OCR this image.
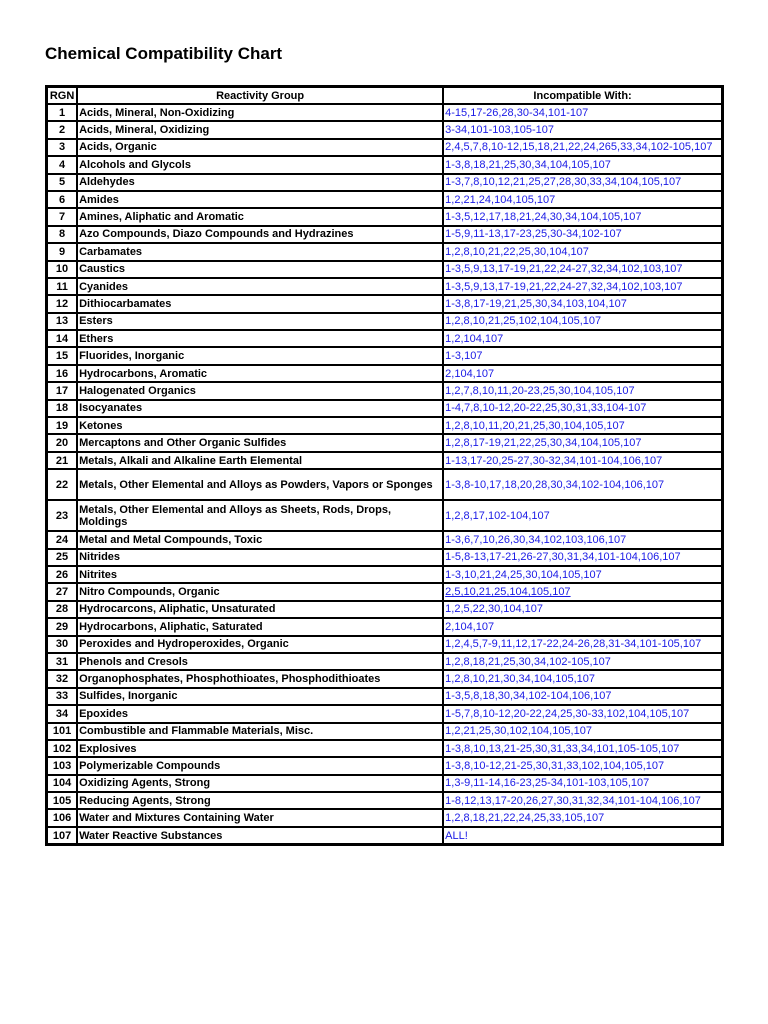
Chemical Compatibility Chart
RGN	Reactivity Group	Incompatible With:
1	Acids, Mineral, Non-Oxidizing	4-15,17-26,28,30-34,101-107
2	Acids, Mineral, Oxidizing	3-34,101-103,105-107
3	Acids, Organic	2,4,5,7,8,10-12,15,18,21,22,24,265,33,34,102-105,107
4	Alcohols and Glycols	1-3,8,18,21,25,30,34,104,105,107
5	Aldehydes	1-3,7,8,10,12,21,25,27,28,30,33,34,104,105,107
6	Amides	1,2,21,24,104,105,107
7	Amines, Aliphatic and Aromatic	1-3,5,12,17,18,21,24,30,34,104,105,107
8	Azo Compounds, Diazo Compounds and Hydrazines	1-5,9,11-13,17-23,25,30-34,102-107
9	Carbamates	1,2,8,10,21,22,25,30,104,107
10	Caustics	1-3,5,9,13,17-19,21,22,24-27,32,34,102,103,107
11	Cyanides	1-3,5,9,13,17-19,21,22,24-27,32,34,102,103,107
12	Dithiocarbamates	1-3,8,17-19,21,25,30,34,103,104,107
13	Esters	1,2,8,10,21,25,102,104,105,107
14	Ethers	1,2,104,107
15	Fluorides, Inorganic	1-3,107
16	Hydrocarbons, Aromatic	2,104,107
17	Halogenated Organics	1,2,7,8,10,11,20-23,25,30,104,105,107
18	Isocyanates	1-4,7,8,10-12,20-22,25,30,31,33,104-107
19	Ketones	1,2,8,10,11,20,21,25,30,104,105,107
20	Mercaptons and Other Organic Sulfides	1,2,8,17-19,21,22,25,30,34,104,105,107
21	Metals, Alkali and Alkaline Earth Elemental	1-13,17-20,25-27,30-32,34,101-104,106,107
22	Metals, Other Elemental and Alloys as Powders, Vapors or Sponges	1-3,8-10,17,18,20,28,30,34,102-104,106,107
23	Metals, Other Elemental and Alloys as Sheets, Rods, Drops, Moldings	1,2,8,17,102-104,107
24	Metal and Metal Compounds, Toxic	1-3,6,7,10,26,30,34,102,103,106,107
25	Nitrides	1-5,8-13,17-21,26-27,30,31,34,101-104,106,107
26	Nitrites	1-3,10,21,24,25,30,104,105,107
27	Nitro Compounds, Organic	2,5,10,21,25,104,105,107
28	Hydrocarcons, Aliphatic, Unsaturated	1,2,5,22,30,104,107
29	Hydrocarbons, Aliphatic, Saturated	2,104,107
30	Peroxides and Hydroperoxides, Organic	1,2,4,5,7-9,11,12,17-22,24-26,28,31-34,101-105,107
31	Phenols and Cresols	1,2,8,18,21,25,30,34,102-105,107
32	Organophosphates, Phosphothioates, Phosphodithioates	1,2,8,10,21,30,34,104,105,107
33	Sulfides, Inorganic	1-3,5,8,18,30,34,102-104,106,107
34	Epoxides	1-5,7,8,10-12,20-22,24,25,30-33,102,104,105,107
101	Combustible and Flammable Materials, Misc.	1,2,21,25,30,102,104,105,107
102	Explosives	1-3,8,10,13,21-25,30,31,33,34,101,105-105,107
103	Polymerizable Compounds	1-3,8,10-12,21-25,30,31,33,102,104,105,107
104	Oxidizing Agents, Strong	1,3-9,11-14,16-23,25-34,101-103,105,107
105	Reducing Agents, Strong	1-8,12,13,17-20,26,27,30,31,32,34,101-104,106,107
106	Water and Mixtures Containing Water	1,2,8,18,21,22,24,25,33,105,107
107	Water Reactive Substances	ALL!
